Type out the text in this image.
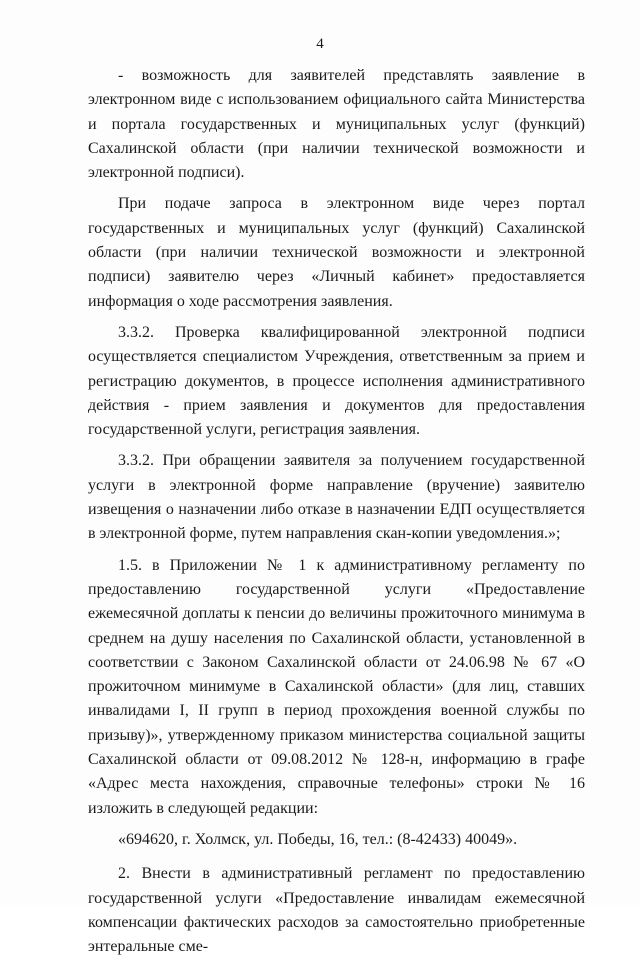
4

- возможность для заявителей представлять заявление в электронном виде с использованием официального сайта Министерства и портала государственных и муниципальных услуг (функций) Сахалинской области (при наличии технической возможности и электронной подписи).

При подаче запроса в электронном виде через портал государственных и муниципальных услуг (функций) Сахалинской области (при наличии технической возможности и электронной подписи) заявителю через «Личный кабинет» предоставляется информация о ходе рассмотрения заявления.

3.3.2. Проверка квалифицированной электронной подписи осуществляется специалистом Учреждения, ответственным за прием и регистрацию документов, в процессе исполнения административного действия - прием заявления и документов для предоставления государственной услуги, регистрация заявления.

3.3.2. При обращении заявителя за получением государственной услуги в электронной форме направление (вручение) заявителю извещения о назначении либо отказе в назначении ЕДП осуществляется в электронной форме, путем направления скан-копии уведомления.»;

1.5. в Приложении № 1 к административному регламенту по предоставлению государственной услуги «Предоставление ежемесячной доплаты к пенсии до величины прожиточного минимума в среднем на душу населения по Сахалинской области, установленной в соответствии с Законом Сахалинской области от 24.06.98 № 67 «О прожиточном минимуме в Сахалинской области» (для лиц, ставших инвалидами I, II групп в период прохождения военной службы по призыву)», утвержденному приказом министерства социальной защиты Сахалинской области от 09.08.2012 № 128-н, информацию в графе «Адрес места нахождения, справочные телефоны» строки № 16 изложить в следующей редакции:

«694620, г. Холмск, ул. Победы, 16, тел.: (8-42433) 40049».

2. Внести в административный регламент по предоставлению государственной услуги «Предоставление инвалидам ежемесячной компенсации фактических расходов за самостоятельно приобретенные энтеральные сме-
